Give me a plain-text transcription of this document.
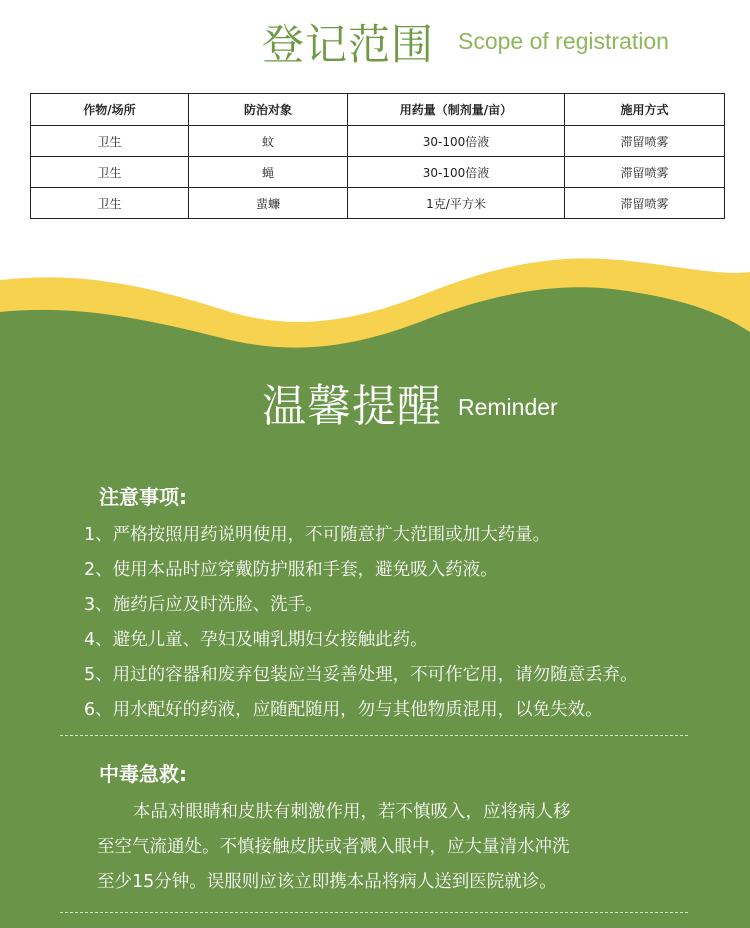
登记范围 Scope of registration
作物/场所	防治对象	用药量（制剂量/亩）	施用方式
卫生	蚊	30-100倍液	滞留喷雾
卫生	蝇	30-100倍液	滞留喷雾
卫生	蜚蠊	1克/平方米	滞留喷雾
温馨提醒 Reminder
注意事项:
1、严格按照用药说明使用，不可随意扩大范围或加大药量。
2、使用本品时应穿戴防护服和手套，避免吸入药液。
3、施药后应及时洗脸、洗手。
4、避免儿童、孕妇及哺乳期妇女接触此药。
5、用过的容器和废弃包装应当妥善处理，不可作它用，请勿随意丢弃。
6、用水配好的药液，应随配随用，勿与其他物质混用，以免失效。
中毒急救:
本品对眼睛和皮肤有刺激作用，若不慎吸入，应将病人移
至空气流通处。不慎接触皮肤或者溅入眼中，应大量清水冲洗
至少15分钟。误服则应该立即携本品将病人送到医院就诊。
